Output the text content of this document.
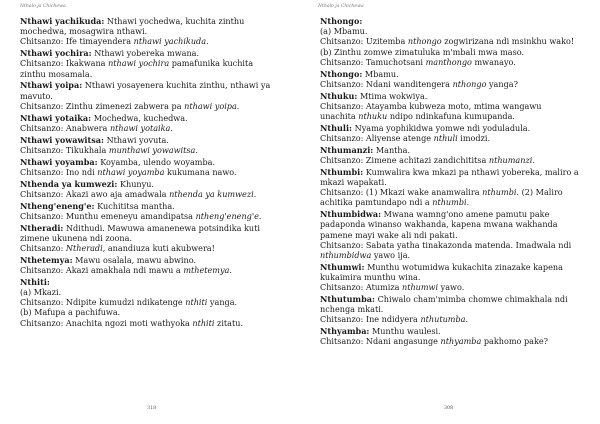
Nthalo ja Chichewa

Nthawi yachikuda: Nthawi yochedwa, kuchita zinthu mochedwa, mosagwira nthawi.

Chitsanzo: Ife timayendera nthawi yachikuda.

Nthawi yochira: Nthawi yobereka mwana.

Chitsanzo: Ikakwana nthawi yochira pamafunika kuchita zinthu mosamala.

Nthawi yoipa: Nthawi yosayenera kuchita zinthu, nthawi ya mavuto.

Chitsanzo: Zinthu zimenezi zabwera pa nthawi yoipa.

Nthawi yotaika: Mochedwa, kuchedwa.

Chitsanzo: Anabwera nthawi yotaika.

Nthawi yowawitsa: Nthawi yovuta.

Chitsanzo: Tikukhala munthawi yowawitsa.

Nthawi yoyamba: Koyamba, ulendo woyamba.

Chitsanzo: Ino ndi nthawi yoyamba kukumana nawo.

Nthenda ya kumwezi: Khunyu.

Chitsanzo: Akazi awo aja amadwala nthenda ya kumwezi.

Ntheng'eneng'e: Kuchititsa mantha.

Chitsanzo: Munthu emeneyu amandipatsa ntheng'eneng'e.

Ntheradi: Ndithudi. Mawuwa amanenewa potsindika kuti zimene ukunena ndi zoona.

Chitsanzo: Ntheradi, anandiuza kuti akubwera!

Nthetemya: Mawu osalala, mawu abwino.

Chitsanzo: Akazi amakhala ndi mawu a mthetemya.

Nthiti:

(a) Mkazi.

Chitsanzo: Ndipite kumudzi ndikatenge nthiti yanga.

(b) Mafupa a pachifuwa.

Chitsanzo: Anachita ngozi moti wathyoka nthiti zitatu.

318
Nthalo ja Chichewa

Nthongo:

(a) Mbamu.

Chitsanzo: Uzitemba nthongo zogwirizana ndi msinkhu wako!

(b) Zinthu zomwe zimatuluka m'mbali mwa maso.

Chitsanzo: Tamuchotsani manthongo mwanayo.

Nthongo: Mbamu.

Chitsanzo: Ndani wanditengera nthongo yanga?

Nthuku: Mtima wokwiya.

Chitsanzo: Atayamba kubweza moto, mtima wangawu unachita nthuku ndipo ndinkafuna kumupanda.

Nthuli: Nyama yophikidwa yomwe ndi yoduladula.

Chitsanzo: Aliyense atenge nthuli imodzi.

Nthumanzi: Mantha.

Chitsanzo: Zimene achitazi zandichititsa nthumanzi.

Nthumbi: Kumwalira kwa mkazi pa nthawi yobereka, maliro a mkazi wapakati.

Chitsanzo: (1) Mkazi wake anamwalira nthumbi. (2) Maliro achitika pamtundapo ndi a nthumbi.

Nthumbidwa: Mwana wamng'ono amene pamutu pake padaponda winanso wakhanda, kapena mwana wakhanda pamene mayi wake ali ndi pakati.

Chitsanzo: Sabata yatha tinakazonda matenda. Imadwala ndi nthumbidwa yawo ija.

Nthumwi: Munthu wotumidwa kukachita zinazake kapena kukaimira munthu wina.

Chitsanzo: Atumiza nthumwi yawo.

Nthutumba: Chiwalo cham'mimba chomwe chimakhala ndi nchenga mkati.

Chitsanzo: Ine ndidyera nthutumba.

Nthyamba: Munthu waulesi.

Chitsanzo: Ndani angasunge nthyamba pakhomo pake?

308
